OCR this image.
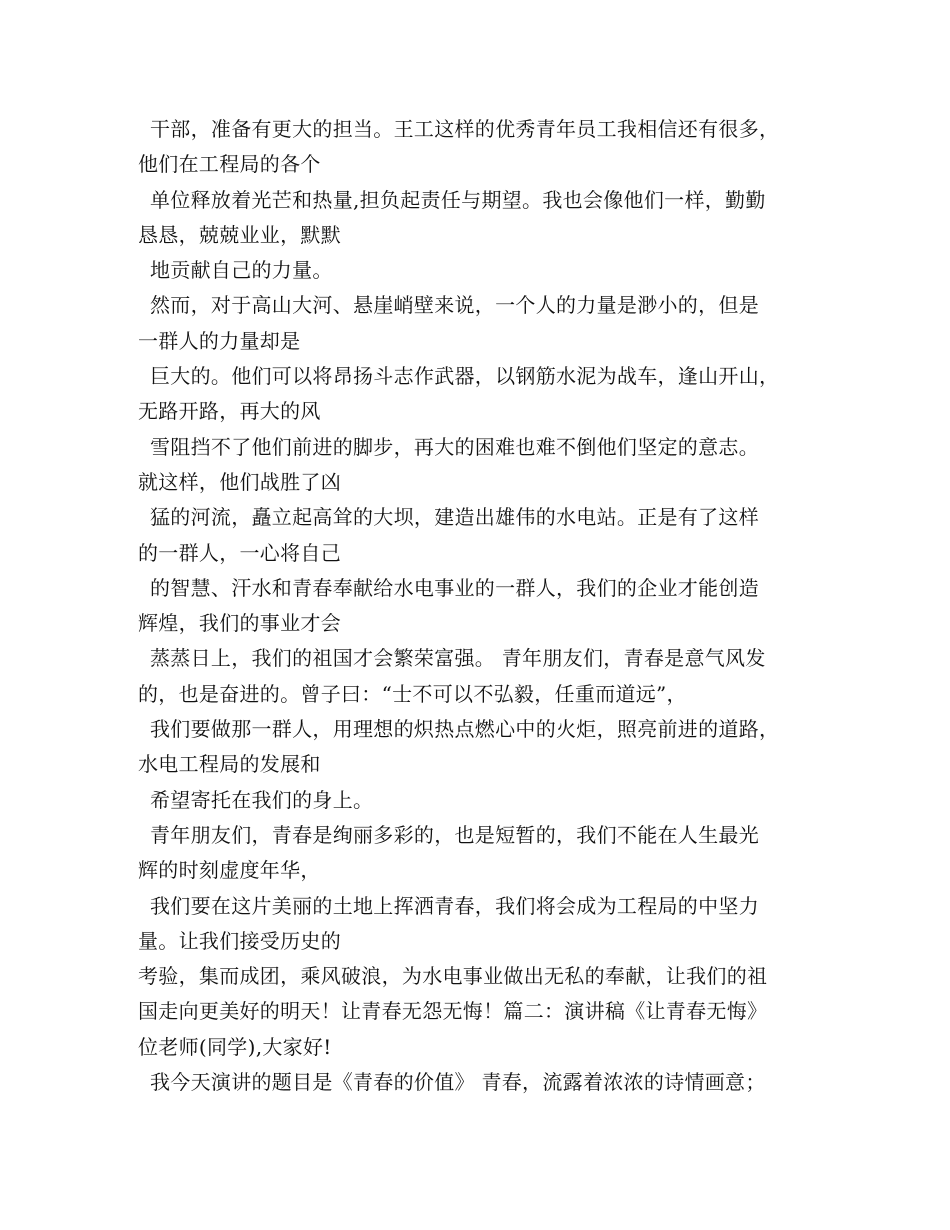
干部，准备有更大的担当。王工这样的优秀青年员工我相信还有很多，
他们在工程局的各个
单位释放着光芒和热量,担负起责任与期望。我也会像他们一样，勤勤
恳恳，兢兢业业，默默
地贡献自己的力量。
然而，对于高山大河、悬崖峭壁来说，一个人的力量是渺小的，但是
一群人的力量却是
巨大的。他们可以将昂扬斗志作武器，以钢筋水泥为战车，逢山开山，
无路开路，再大的风
雪阻挡不了他们前进的脚步，再大的困难也难不倒他们坚定的意志。
就这样，他们战胜了凶
猛的河流，矗立起高耸的大坝，建造出雄伟的水电站。正是有了这样
的一群人，一心将自己
的智慧、汗水和青春奉献给水电事业的一群人，我们的企业才能创造
辉煌，我们的事业才会
蒸蒸日上，我们的祖国才会繁荣富强。 青年朋友们，青春是意气风发
的，也是奋进的。曾子曰：“士不可以不弘毅，任重而道远”，
我们要做那一群人，用理想的炽热点燃心中的火炬，照亮前进的道路，
水电工程局的发展和
希望寄托在我们的身上。
青年朋友们，青春是绚丽多彩的，也是短暂的，我们不能在人生最光
辉的时刻虚度年华，
我们要在这片美丽的土地上挥洒青春，我们将会成为工程局的中坚力
量。让我们接受历史的
考验，集而成团，乘风破浪，为水电事业做出无私的奉献，让我们的祖
国走向更美好的明天！让青春无怨无悔！篇二：演讲稿《让青春无悔》
位老师(同学),大家好!
我今天演讲的题目是《青春的价值》 青春，流露着浓浓的诗情画意；
